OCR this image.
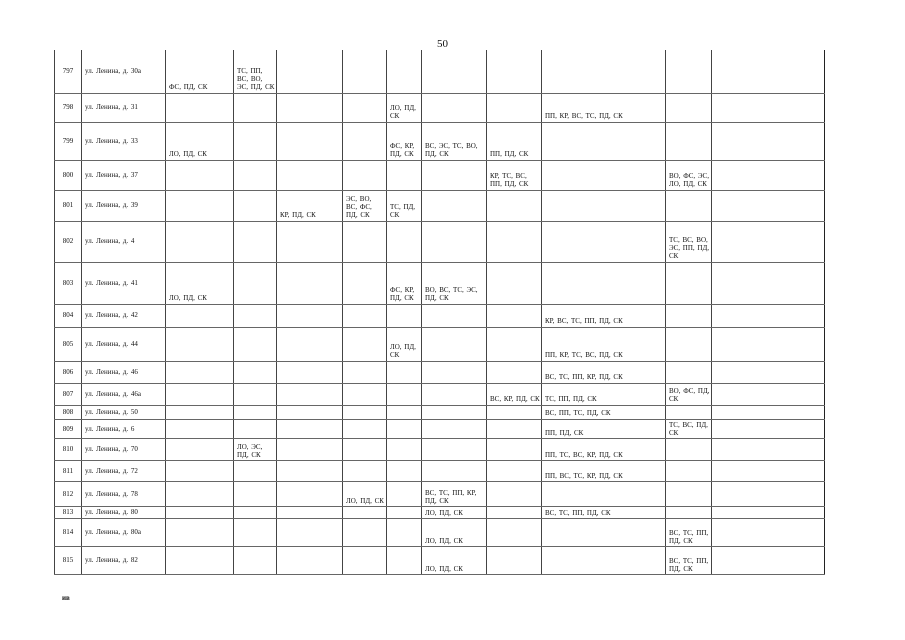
50
797	ул. Ленина, д. 30а	ФС, ПД, СК	ТС, ПП, ВС, ВО, ЭС, ПД, СК								
798	ул. Ленина, д. 31					ЛО, ПД, СК			ПП, КР, ВС, ТС, ПД, СК		
799	ул. Ленина, д. 33	ЛО, ПД, СК				ФС, КР, ПД, СК	ВС, ЭС, ТС, ВО, ПД, СК	ПП, ПД, СК			
800	ул. Ленина, д. 37							КР, ТС, ВС, ПП, ПД, СК		ВО, ФС, ЭС, ЛО, ПД, СК	
801	ул. Ленина, д. 39			КР, ПД, СК	ЭС, ВО, ВС, ФС, ПД, СК	ТС, ПД, СК					
802	ул. Ленина, д. 4									ТС, ВС, ВО, ЭС, ПП, ПД, СК	
803	ул. Ленина, д. 41	ЛО, ПД, СК				ФС, КР, ПД, СК	ВО, ВС, ТС, ЭС, ПД, СК				
804	ул. Ленина, д. 42								КР, ВС, ТС, ПП, ПД, СК		
805	ул. Ленина, д. 44					ЛО, ПД, СК			ПП, КР, ТС, ВС, ПД, СК		
806	ул. Ленина, д. 46								ВС, ТС, ПП, КР, ПД, СК		
807	ул. Ленина, д. 46а							ВС, КР, ПД, СК	ТС, ПП, ПД, СК	ВО, ФС, ПД, СК	
808	ул. Ленина, д. 50								ВС, ПП, ТС, ПД, СК		
809	ул. Ленина, д. 6								ПП, ПД, СК	ТС, ВС, ПД, СК	
810	ул. Ленина, д. 70		ЛО, ЭС, ПД, СК						ПП, ТС, ВС, КР, ПД, СК		
811	ул. Ленина, д. 72								ПП, ВС, ТС, КР, ПД, СК		
812	ул. Ленина, д. 78				ЛО, ПД, СК		ВС, ТС, ПП, КР, ПД, СК				
813	ул. Ленина, д. 80						ЛО, ПД, СК		ВС, ТС, ПП, ПД, СК		
814	ул. Ленина, д. 80а						ЛО, ПД, СК			ВС, ТС, ПП, ПД, СК	
815	ул. Ленина, д. 82						ЛО, ПД, СК			ВС, ТС, ПП, ПД, СК	
ив
